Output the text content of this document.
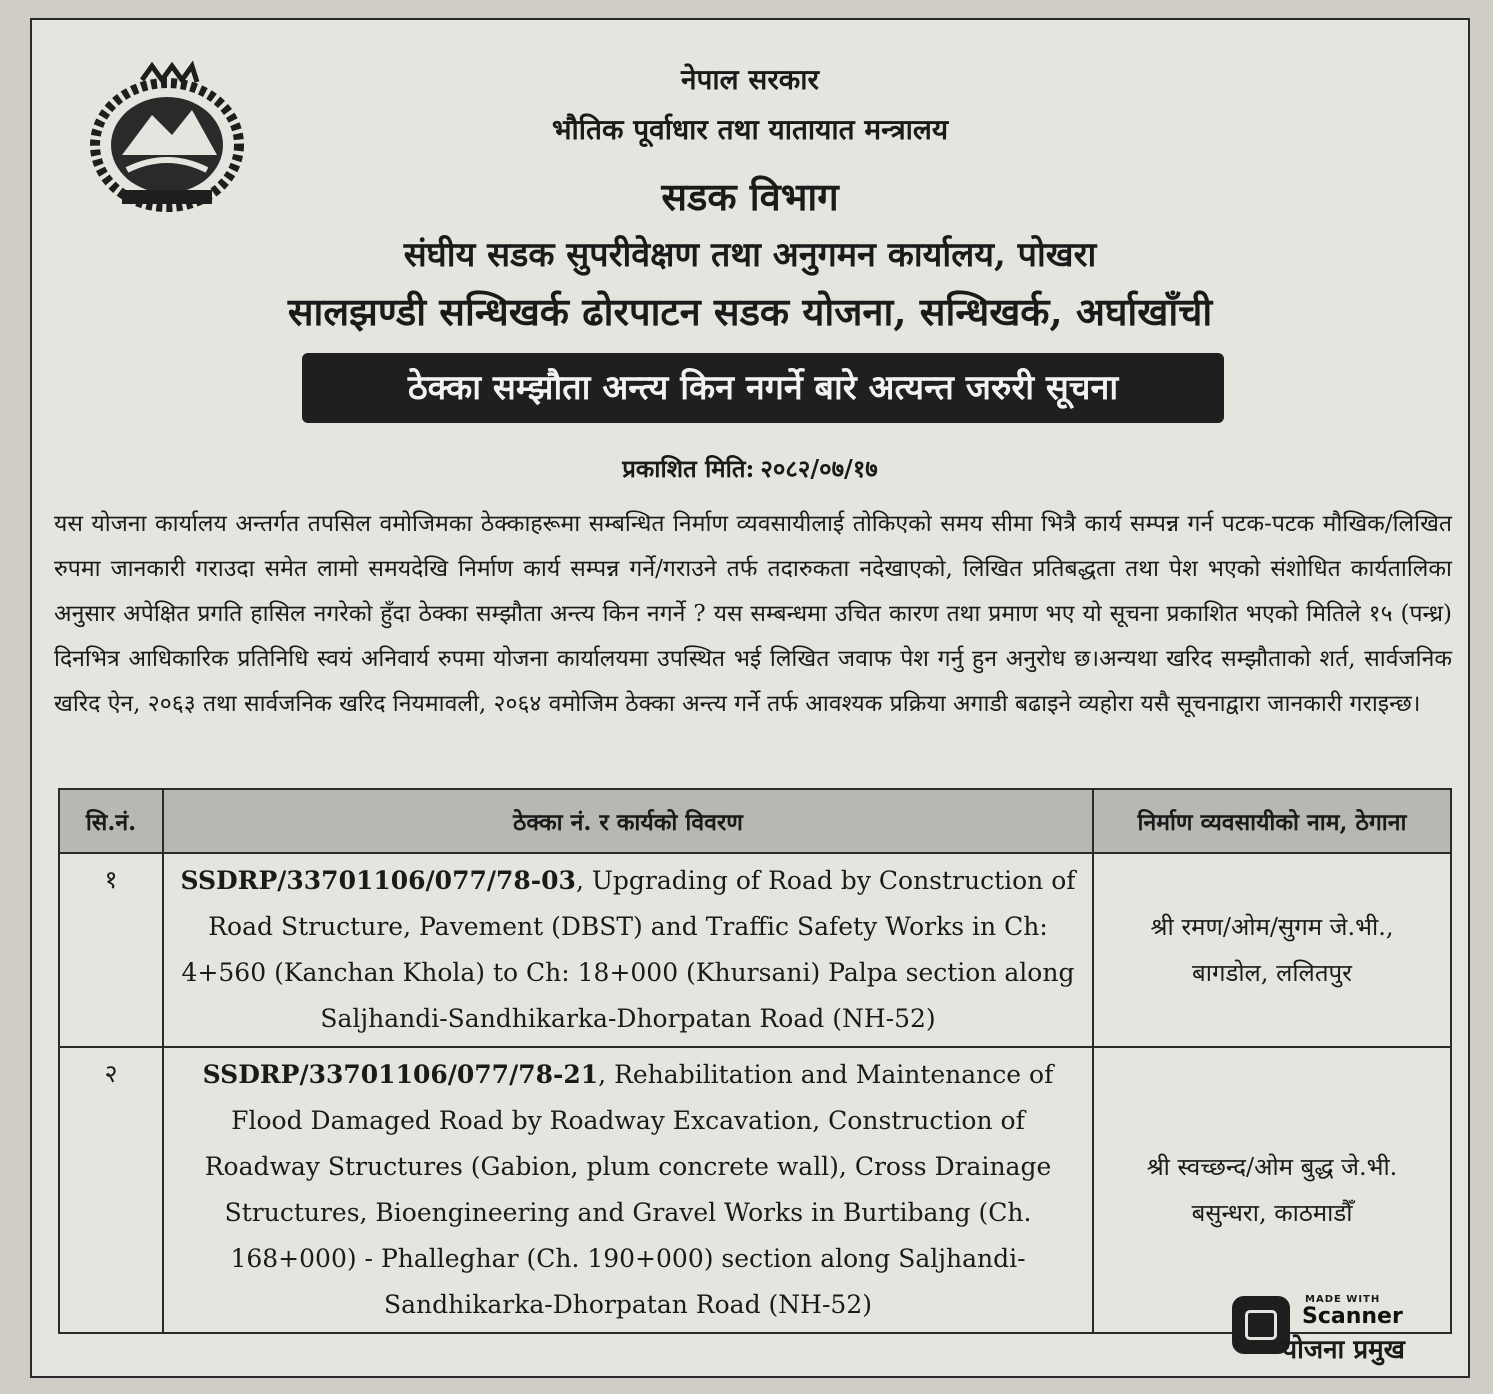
नेपाल सरकार
भौतिक पूर्वाधार तथा यातायात मन्त्रालय
सडक विभाग
संघीय सडक सुपरीवेक्षण तथा अनुगमन कार्यालय, पोखरा
सालझण्डी सन्धिखर्क ढोरपाटन सडक योजना, सन्धिखर्क, अर्घाखाँची
ठेक्का सम्झौता अन्त्य किन नगर्ने बारे अत्यन्त जरुरी सूचना
प्रकाशित मिति: २०८२/०७/१७
यस योजना कार्यालय अन्तर्गत तपसिल वमोजिमका ठेक्काहरूमा सम्बन्धित निर्माण व्यवसायीलाई तोकिएको समय सीमा भित्रै कार्य सम्पन्न गर्न पटक-पटक मौखिक/लिखित रुपमा जानकारी गराउदा समेत लामो समयदेखि निर्माण कार्य सम्पन्न गर्ने/गराउने तर्फ तदारुकता नदेखाएको, लिखित प्रतिबद्धता तथा पेश भएको संशोधित कार्यतालिका अनुसार अपेक्षित प्रगति हासिल नगरेको हुँदा ठेक्का सम्झौता अन्त्य किन नगर्ने ? यस सम्बन्धमा उचित कारण तथा प्रमाण भए यो सूचना प्रकाशित भएको मितिले १५ (पन्ध्र) दिनभित्र आधिकारिक प्रतिनिधि स्वयं अनिवार्य रुपमा योजना कार्यालयमा उपस्थित भई लिखित जवाफ पेश गर्नु हुन अनुरोध छ।अन्यथा खरिद सम्झौताको शर्त, सार्वजनिक खरिद ऐन, २०६३ तथा सार्वजनिक खरिद नियमावली, २०६४ वमोजिम ठेक्का अन्त्य गर्ने तर्फ आवश्यक प्रक्रिया अगाडी बढाइने व्यहोरा यसै सूचनाद्वारा जानकारी गराइन्छ।
सि.नं.	ठेक्का नं. र कार्यको विवरण	निर्माण व्यवसायीको नाम, ठेगाना
१	SSDRP/33701106/077/78-03, Upgrading of Road by Construction of Road Structure, Pavement (DBST) and Traffic Safety Works in Ch: 4+560 (Kanchan Khola) to Ch: 18+000 (Khursani) Palpa section along Saljhandi-Sandhikarka-Dhorpatan Road (NH-52)	श्री रमण/ओम/सुगम जे.भी.,
बागडोल, ललितपुर

२	SSDRP/33701106/077/78-21, Rehabilitation and Maintenance of Flood Damaged Road by Roadway Excavation, Construction of Roadway Structures (Gabion, plum concrete wall), Cross Drainage Structures, Bioengineering and Gravel Works in Burtibang (Ch. 168+000) - Phalleghar (Ch. 190+000) section along Saljhandi-Sandhikarka-Dhorpatan Road (NH-52)	श्री स्वच्छन्द/ओम बुद्ध जे.भी.
बसुन्धरा, काठमाडौँ
MADE WITH
Scanner
योजना प्रमुख
